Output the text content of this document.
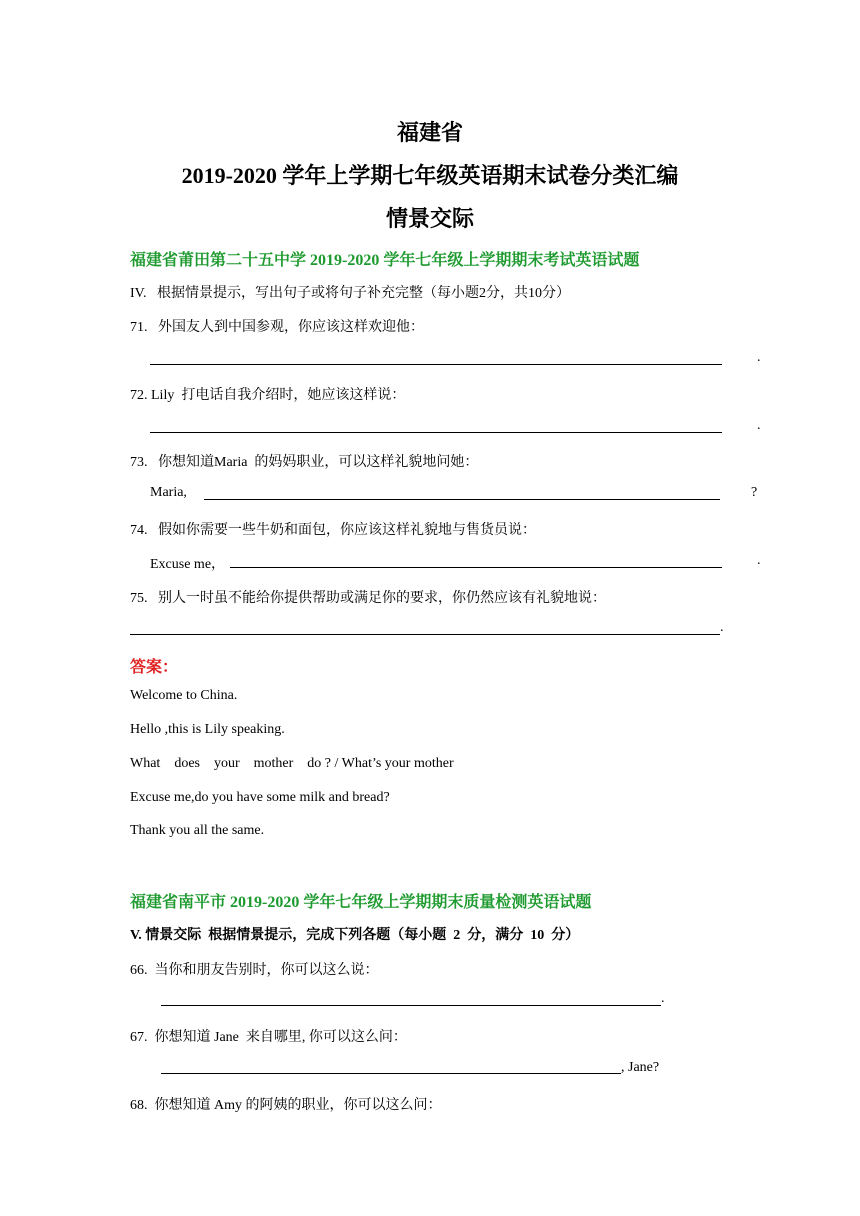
福建省
2019-2020 学年上学期七年级英语期末试卷分类汇编
情景交际
福建省莆田第二十五中学 2019-2020 学年七年级上学期期末考试英语试题
IV.   根据情景提示，写出句子或将句子补充完整（每小题2分，共10分）
71.   外国友人到中国参观，你应该这样欢迎他：
.
72. Lily  打电话自我介绍时，她应该这样说：
.
73.   你想知道Maria  的妈妈职业，可以这样礼貌地问她：
Maria,	?
74.   假如你需要一些牛奶和面包，你应该这样礼貌地与售货员说：
Excuse me，	.
75.   别人一时虽不能给你提供帮助或满足你的要求，你仍然应该有礼貌地说：
.
答案：
Welcome to China.
Hello ,this is Lily speaking.
What    does    your    mother    do ? / What’s your mother
Excuse me,do you have some milk and bread?
Thank you all the same.
福建省南平市 2019-2020 学年七年级上学期期末质量检测英语试题
V. 情景交际  根据情景提示，完成下列各题（每小题  2  分，满分  10  分）
66.  当你和朋友告别时，你可以这么说：
.
67.  你想知道 Jane  来自哪里, 你可以这么问：
, Jane?
68.  你想知道 Amy 的阿姨的职业，你可以这么问：
